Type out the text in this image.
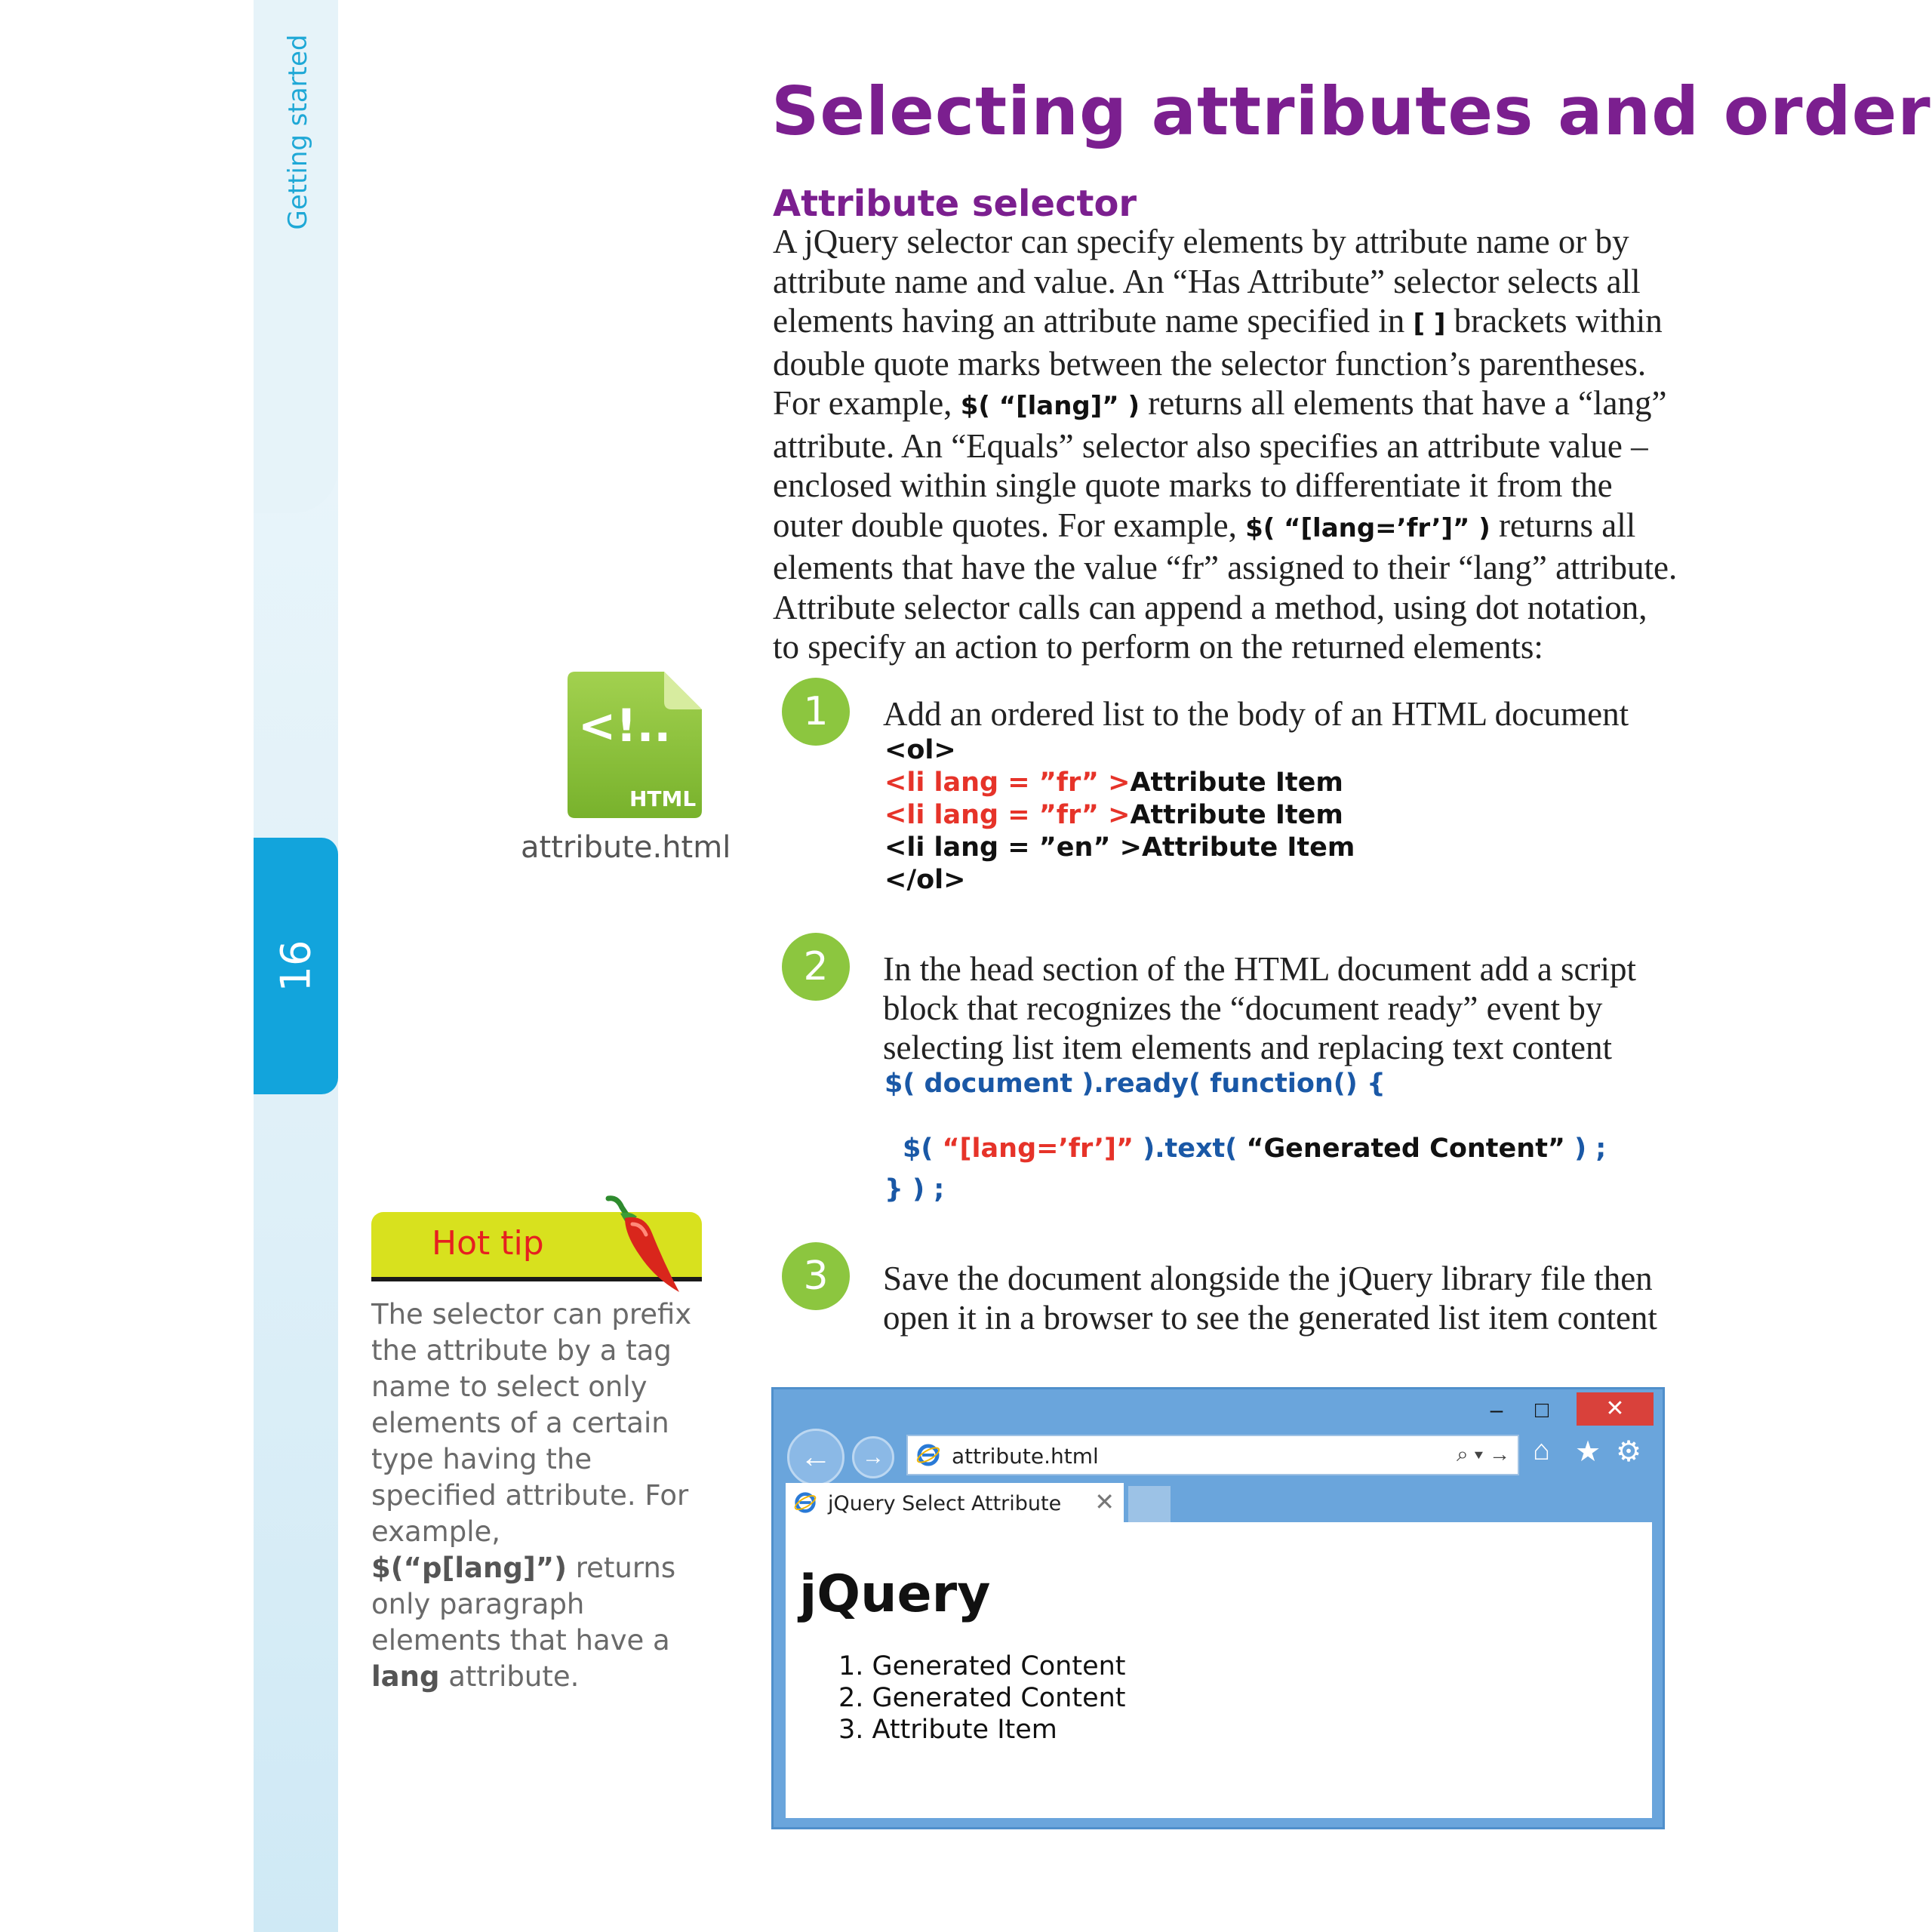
Getting started
16
Selecting attributes and order
Attribute selector

A jQuery selector can specify elements by attribute name or by attribute name and value. An “Has Attribute” selector selects all elements having an attribute name specified in [ ] brackets within double quote marks between the selector function’s parentheses. For example, $( “[lang]” ) returns all elements that have a “lang” attribute. An “Equals” selector also specifies an attribute value – enclosed within single quote marks to differentiate it from the outer double quotes. For example, $( “[lang=’fr’]” ) returns all elements that have the value “fr” assigned to their “lang” attribute. Attribute selector calls can append a method, using dot notation, to specify an action to perform on the returned elements:

<!..
HTML
attribute.html
1	Add an ordered list to the body of an HTML document

<ol>
<li lang = ”fr” >Attribute Item
<li lang = ”fr” >Attribute Item
<li lang = ”en” >Attribute Item
</ol>
2	In the head section of the HTML document add a script

block that recognizes the “document ready” event by

selecting list item elements and replacing text content

$( document ).ready( function() {
$( “[lang=’fr’]” ).text( “Generated Content” ) ;
} ) ;
3	Save the document alongside the jQuery library file then

open it in a browser to see the generated list item content

Hot tip
The selector can prefix the attribute by a tag name to select only elements of a certain type having the specified attribute. For example, $(“p[lang]”) returns only paragraph elements that have a lang attribute.
–	□	✕
←	→	attribute.html	⌕ ▾ → ⌂ ★ ⚙
jQuery Select Attribute ✕
jQuery
1. Generated Content
2. Generated Content
3. Attribute Item
